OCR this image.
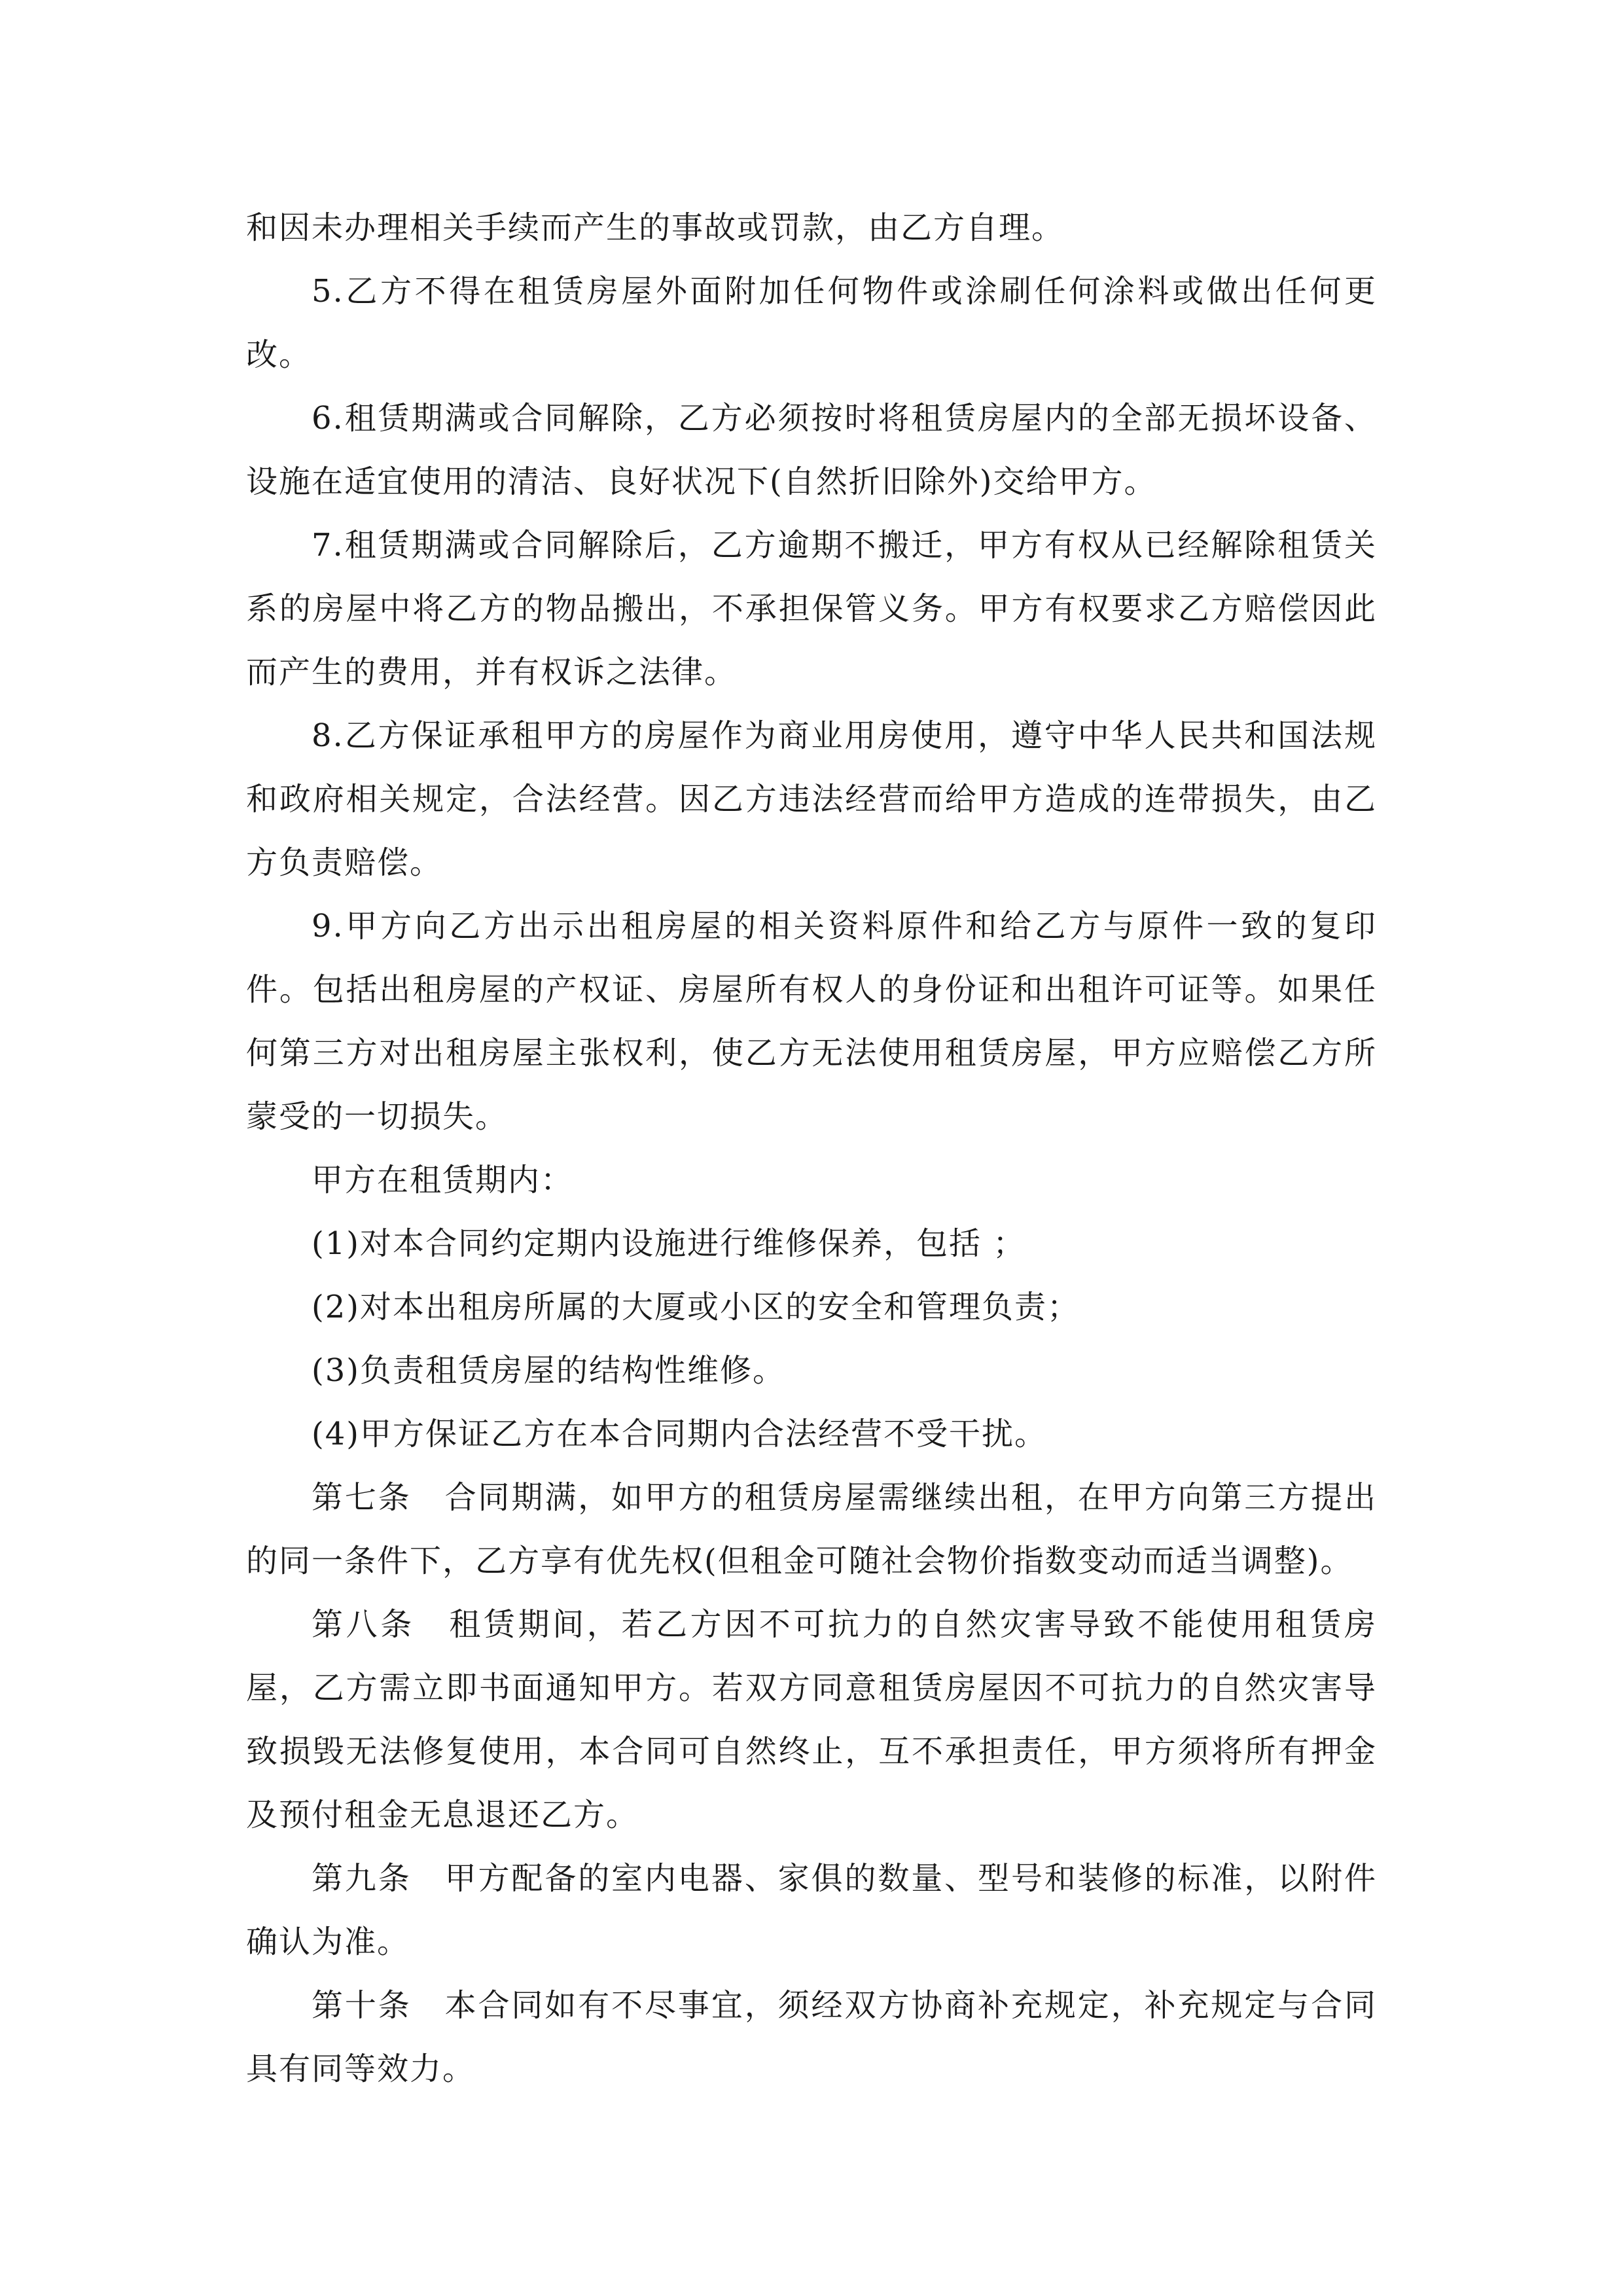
和因未办理相关手续而产生的事故或罚款，由乙方自理。

5.乙方不得在租赁房屋外面附加任何物件或涂刷任何涂料或做出任何更改。

6.租赁期满或合同解除，乙方必须按时将租赁房屋内的全部无损坏设备、设施在适宜使用的清洁、良好状况下(自然折旧除外)交给甲方。

7.租赁期满或合同解除后，乙方逾期不搬迁，甲方有权从已经解除租赁关系的房屋中将乙方的物品搬出，不承担保管义务。甲方有权要求乙方赔偿因此而产生的费用，并有权诉之法律。

8.乙方保证承租甲方的房屋作为商业用房使用，遵守中华人民共和国法规和政府相关规定，合法经营。因乙方违法经营而给甲方造成的连带损失，由乙方负责赔偿。

9.甲方向乙方出示出租房屋的相关资料原件和给乙方与原件一致的复印件。包括出租房屋的产权证、房屋所有权人的身份证和出租许可证等。如果任何第三方对出租房屋主张权利，使乙方无法使用租赁房屋，甲方应赔偿乙方所蒙受的一切损失。

甲方在租赁期内：

(1)对本合同约定期内设施进行维修保养，包括 ；

(2)对本出租房所属的大厦或小区的安全和管理负责；

(3)负责租赁房屋的结构性维修。

(4)甲方保证乙方在本合同期内合法经营不受干扰。

第七条　合同期满，如甲方的租赁房屋需继续出租，在甲方向第三方提出的同一条件下，乙方享有优先权(但租金可随社会物价指数变动而适当调整)。

第八条　租赁期间，若乙方因不可抗力的自然灾害导致不能使用租赁房屋，乙方需立即书面通知甲方。若双方同意租赁房屋因不可抗力的自然灾害导致损毁无法修复使用，本合同可自然终止，互不承担责任，甲方须将所有押金及预付租金无息退还乙方。

第九条　甲方配备的室内电器、家俱的数量、型号和装修的标准，以附件确认为准。

第十条　本合同如有不尽事宜，须经双方协商补充规定，补充规定与合同具有同等效力。
